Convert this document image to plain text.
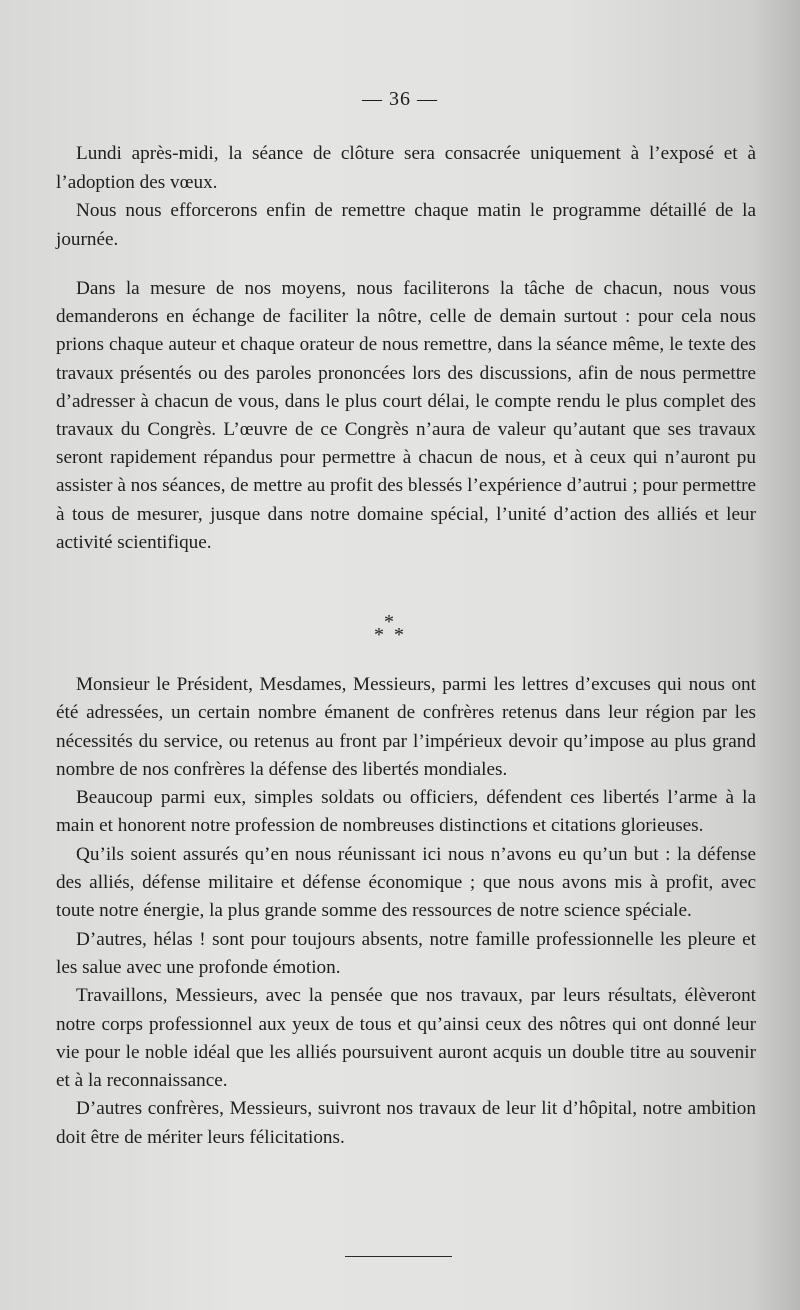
— 36 —

Lundi après-midi, la séance de clôture sera consacrée uniquement à l’exposé et à l’adoption des vœux.

Nous nous efforcerons enfin de remettre chaque matin le programme détaillé de la journée.

Dans la mesure de nos moyens, nous faciliterons la tâche de chacun, nous vous demanderons en échange de faciliter la nôtre, celle de demain surtout : pour cela nous prions chaque auteur et chaque orateur de nous remettre, dans la séance même, le texte des travaux présentés ou des paroles prononcées lors des discussions, afin de nous permettre d’adresser à chacun de vous, dans le plus court délai, le compte rendu le plus complet des travaux du Congrès. L’œuvre de ce Congrès n’aura de valeur qu’autant que ses travaux seront rapidement répandus pour permettre à chacun de nous, et à ceux qui n’auront pu assister à nos séances, de mettre au profit des blessés l’expérience d’autrui ; pour permettre à tous de mesurer, jusque dans notre domaine spécial, l’unité d’action des alliés et leur activité scientifique.

*
* *

Monsieur le Président, Mesdames, Messieurs, parmi les lettres d’excuses qui nous ont été adressées, un certain nombre émanent de confrères retenus dans leur région par les nécessités du service, ou retenus au front par l’impérieux devoir qu’impose au plus grand nombre de nos confrères la défense des libertés mondiales.

Beaucoup parmi eux, simples soldats ou officiers, défendent ces libertés l’arme à la main et honorent notre profession de nombreuses distinctions et citations glorieuses.

Qu’ils soient assurés qu’en nous réunissant ici nous n’avons eu qu’un but : la défense des alliés, défense militaire et défense économique ; que nous avons mis à profit, avec toute notre énergie, la plus grande somme des ressources de notre science spéciale.

D’autres, hélas ! sont pour toujours absents, notre famille professionnelle les pleure et les salue avec une profonde émotion.

Travaillons, Messieurs, avec la pensée que nos travaux, par leurs résultats, élèveront notre corps professionnel aux yeux de tous et qu’ainsi ceux des nôtres qui ont donné leur vie pour le noble idéal que les alliés poursuivent auront acquis un double titre au souvenir et à la reconnaissance.

D’autres confrères, Messieurs, suivront nos travaux de leur lit d’hôpital, notre ambition doit être de mériter leurs félicitations.
